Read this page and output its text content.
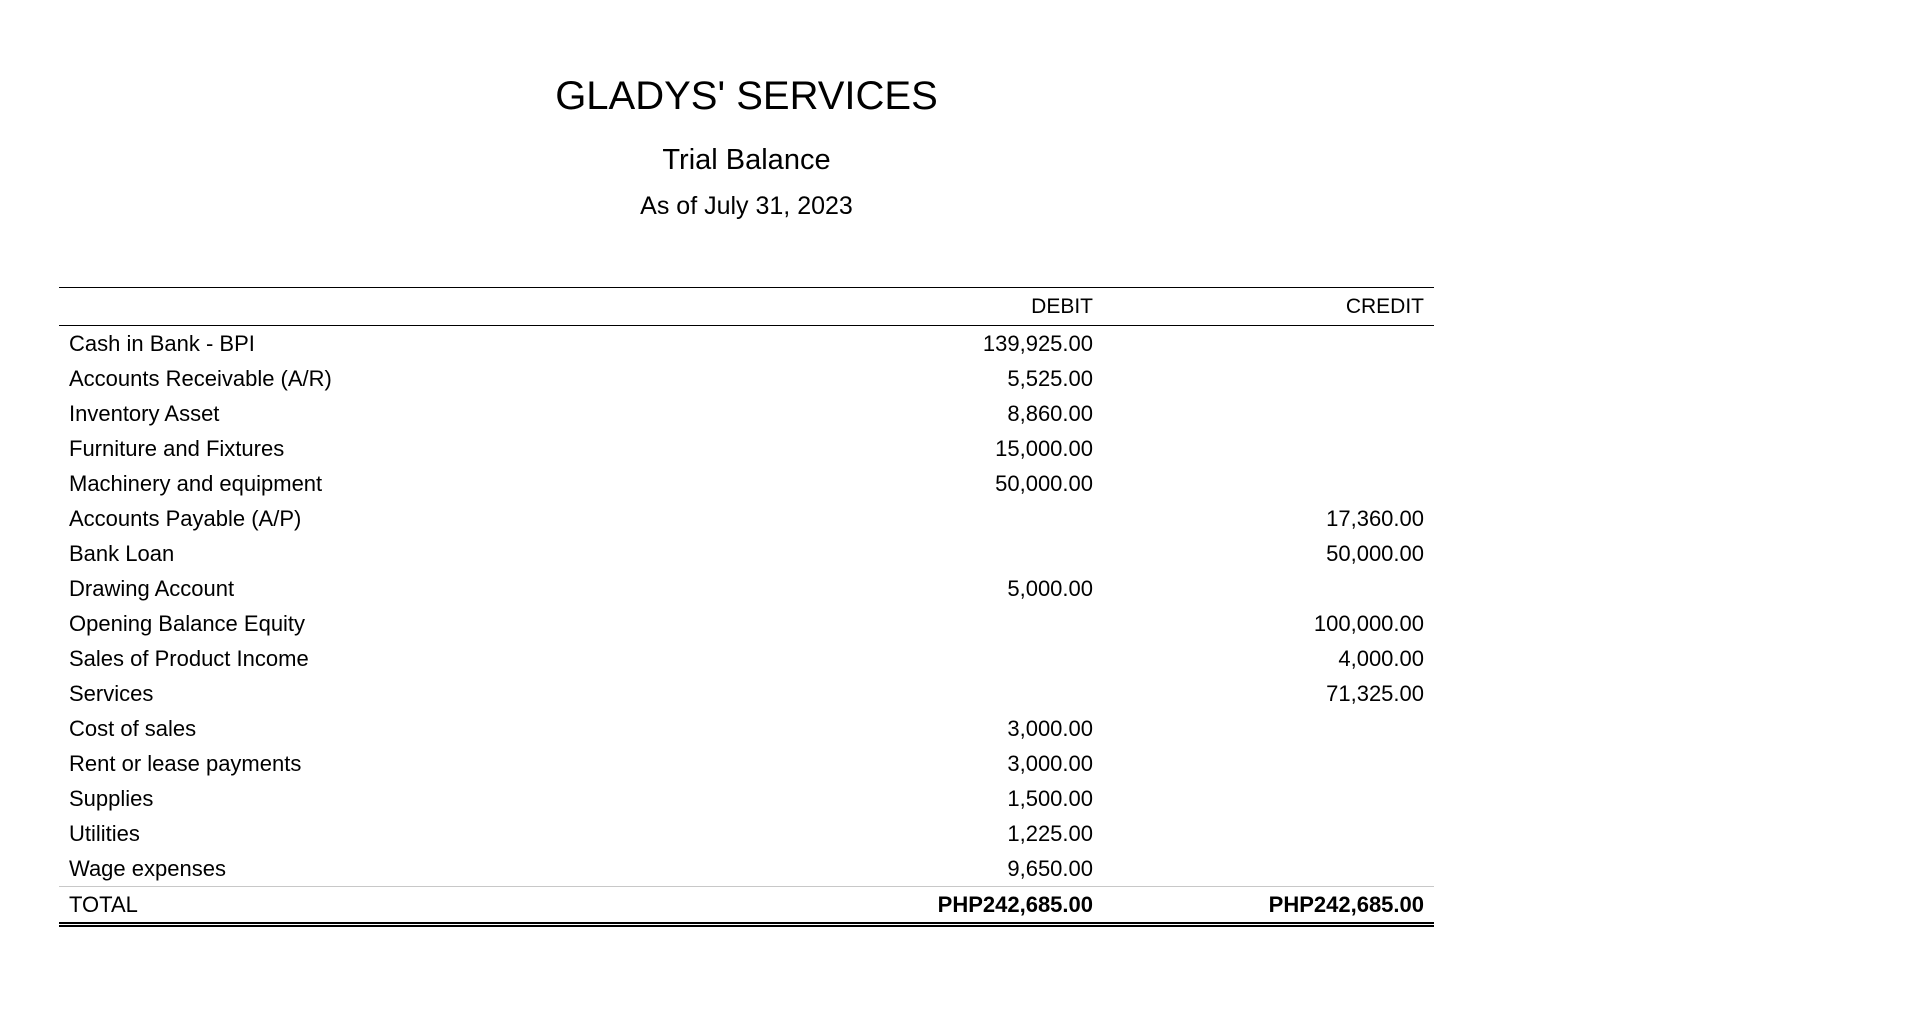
GLADYS' SERVICES
Trial Balance
As of July 31, 2023
	DEBIT	CREDIT
Cash in Bank - BPI	139,925.00	
Accounts Receivable (A/R)	5,525.00	
Inventory Asset	8,860.00	
Furniture and Fixtures	15,000.00	
Machinery and equipment	50,000.00	
Accounts Payable (A/P)		17,360.00
Bank Loan		50,000.00
Drawing Account	5,000.00	
Opening Balance Equity		100,000.00
Sales of Product Income		4,000.00
Services		71,325.00
Cost of sales	3,000.00	
Rent or lease payments	3,000.00	
Supplies	1,500.00	
Utilities	1,225.00	
Wage expenses	9,650.00	
TOTAL	PHP242,685.00	PHP242,685.00
